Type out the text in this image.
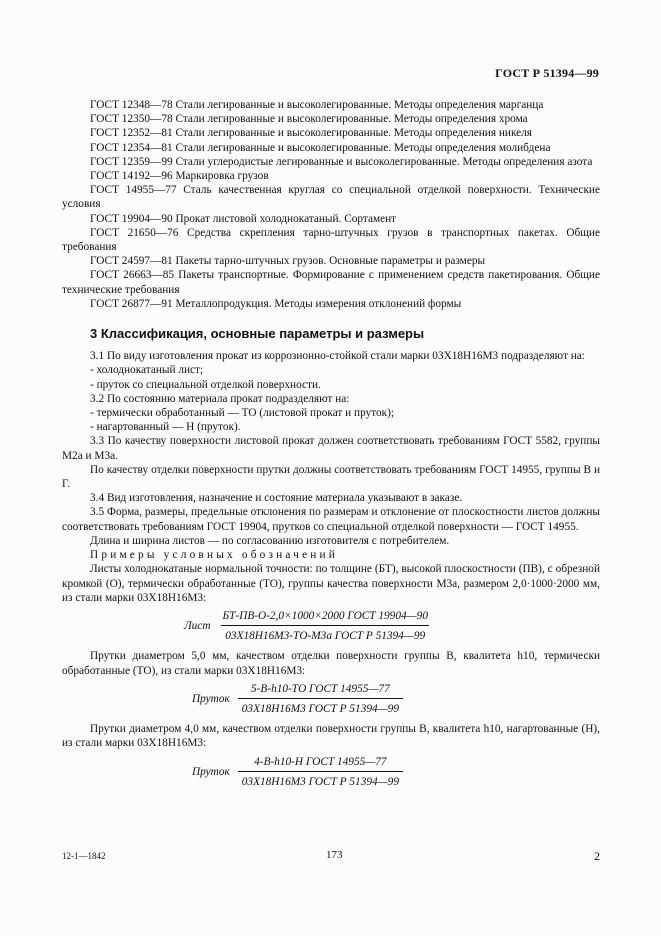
ГОСТ Р 51394—99

ГОСТ 12348—78 Стали легированные и высоколегированные. Методы определения марганца

ГОСТ 12350—78 Стали легированные и высоколегированные. Методы определения хрома

ГОСТ 12352—81 Стали легированные и высоколегированные. Методы определения никеля

ГОСТ 12354—81 Стали легированные и высоколегированные. Методы определения молибдена

ГОСТ 12359—99 Стали углеродистые легированные и высоколегированные. Методы определения азота

ГОСТ 14192—96 Маркировка грузов

ГОСТ 14955—77 Сталь качественная круглая со специальной отделкой поверхности. Технические условия

ГОСТ 19904—90 Прокат листовой холоднокатаный. Сортамент

ГОСТ 21650—76 Средства скрепления тарно-штучных грузов в транспортных пакетах. Общие требования

ГОСТ 24597—81 Пакеты тарно-штучных грузов. Основные параметры и размеры

ГОСТ 26663—85 Пакеты транспортные. Формирование с применением средств пакетирования. Общие технические требования

ГОСТ 26877—91 Металлопродукция. Методы измерения отклонений формы

3 Классификация, основные параметры и размеры

3.1 По виду изготовления прокат из коррозионно-стойкой стали марки 03Х18Н16М3 подразделяют на:

- холоднокатаный лист;

- пруток со специальной отделкой поверхности.

3.2 По состоянию материала прокат подразделяют на:

- термически обработанный — ТО (листовой прокат и пруток);

- нагартованный — Н (пруток).

3.3 По качеству поверхности листовой прокат должен соответствовать требованиям ГОСТ 5582, группы М2а и М3а.

По качеству отделки поверхности прутки должны соответствовать требованиям ГОСТ 14955, группы В и Г.

3.4 Вид изготовления, назначение и состояние материала указывают в заказе.

3.5 Форма, размеры, предельные отклонения по размерам и отклонение от плоскостности листов должны соответствовать требованиям ГОСТ 19904, прутков со специальной отделкой поверхности — ГОСТ 14955.

Длина и ширина листов — по согласованию изготовителя с потребителем.

Примеры условных обозначений

Листы холоднокатаные нормальной точности: по толщине (БТ), высокой плоскостности (ПВ), с обрезной кромкой (О), термически обработанные (ТО), группы качества поверхности М3а, размером 2,0·1000·2000 мм, из стали марки 03Х18Н16М3:

Лист $\frac{\text{БТ-ПВ-О-2,0×1000×2000 ГОСТ 19904—90}}{\text{03Х18Н16М3-ТО-М3а ГОСТ Р 51394—99}}$

Прутки диаметром 5,0 мм, качеством отделки поверхности группы В, квалитета h10, термически обработанные (ТО), из стали марки 03Х18Н16М3:

Пруток $\frac{\text{5-В-h10-ТО ГОСТ 14955—77}}{\text{03Х18Н16М3 ГОСТ Р 51394—99}}$

Прутки диаметром 4,0 мм, качеством отделки поверхности группы В, квалитета h10, нагартованные (Н), из стали марки 03Х18Н16М3:

Пруток $\frac{\text{4-В-h10-Н ГОСТ 14955—77}}{\text{03Х18Н16М3 ГОСТ Р 51394—99}}$
12-1—1842	173	2
